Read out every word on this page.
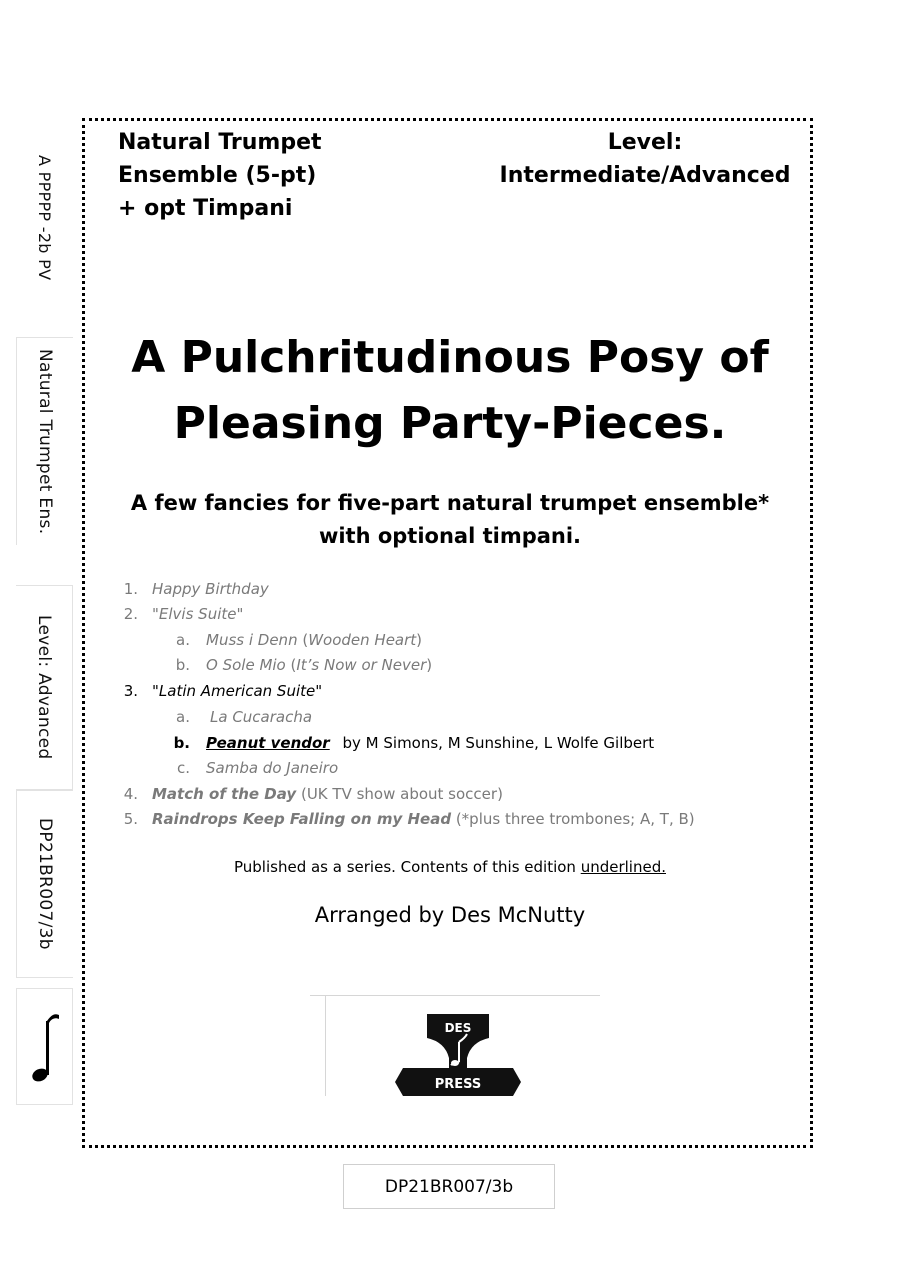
A PPPPP -2b PV
Natural Trumpet Ens.
Level: Advanced
DP21BR007/3b
Natural Trumpet
Ensemble (5-pt)
+ opt Timpani
Level:
Intermediate/Advanced
A Pulchritudinous Posy of
Pleasing Party-Pieces.
A few fancies for five-part natural trumpet ensemble*
with optional timpani.
1. Happy Birthday
2. "Elvis Suite"
a. Muss i Denn (Wooden Heart)
b. O Sole Mio (It’s Now or Never)
3. "Latin American Suite"
a. La Cucaracha
b. Peanut vendor by M Simons, M Sunshine, L Wolfe Gilbert
c. Samba do Janeiro
4. Match of the Day (UK TV show about soccer)
5. Raindrops Keep Falling on my Head (*plus three trombones; A, T, B)
Published as a series. Contents of this edition underlined.
Arranged by Des McNutty
DES
PRESS
DP21BR007/3b
